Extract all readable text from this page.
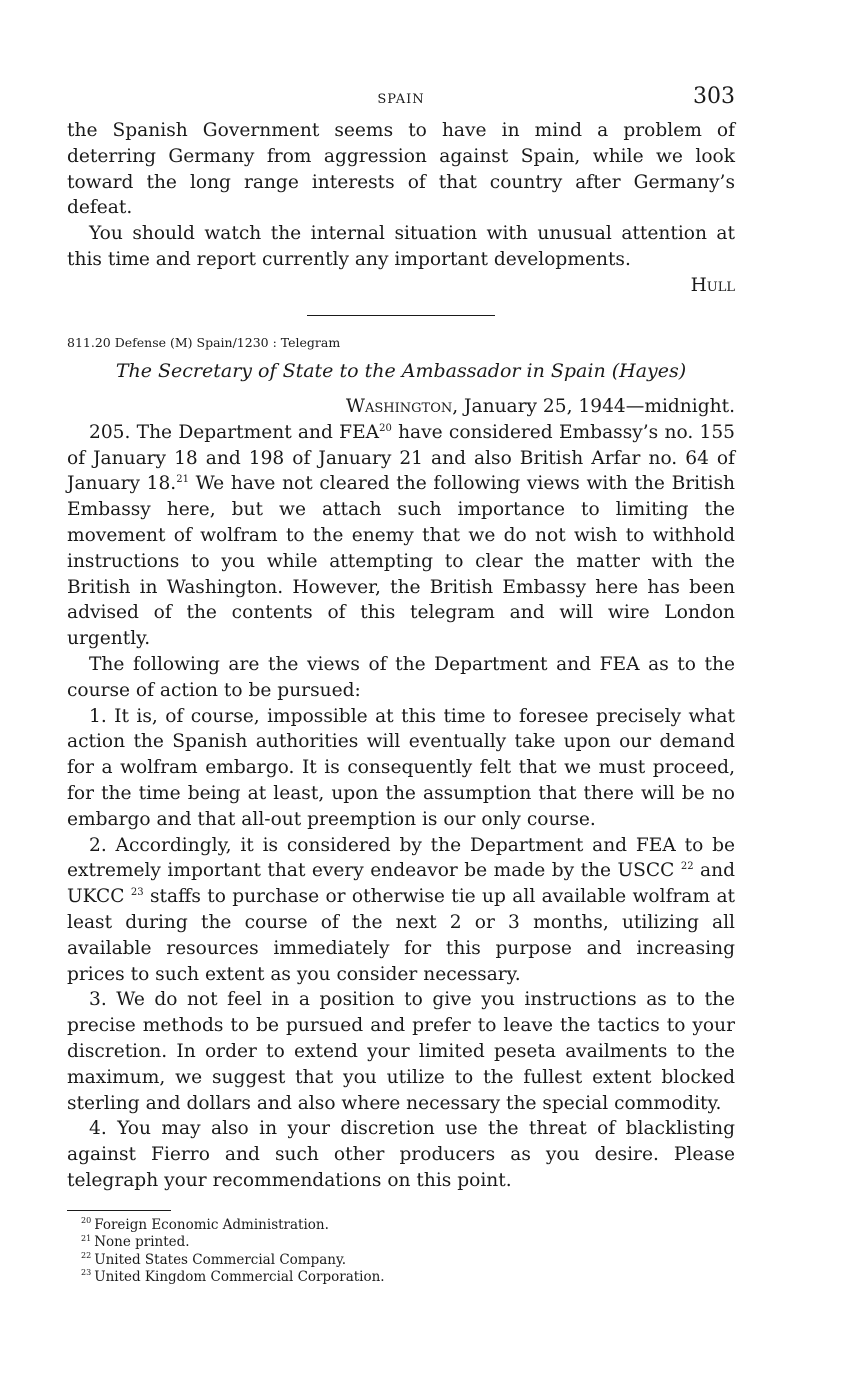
SPAIN	303

the Spanish Government seems to have in mind a problem of deterring Germany from aggression against Spain, while we look toward the long range interests of that country after Germany’s defeat.

You should watch the internal situation with unusual attention at this time and report currently any important developments.

Hull
811.20 Defense (M) Spain/1230 : Telegram
The Secretary of State to the Ambassador in Spain (Hayes)
Washington, January 25, 1944—midnight.

205. The Department and FEA$^{20}$ have considered Embassy’s no. 155 of January 18 and 198 of January 21 and also British Arfar no. 64 of January 18.21 We have not cleared the following views with the British Embassy here, but we attach such importance to limiting the movement of wolfram to the enemy that we do not wish to withhold instructions to you while attempting to clear the matter with the British in Washington. However, the British Embassy here has been advised of the contents of this telegram and will wire London urgently.

The following are the views of the Department and FEA as to the course of action to be pursued:

1. It is, of course, impossible at this time to foresee precisely what action the Spanish authorities will eventually take upon our demand for a wolfram embargo. It is consequently felt that we must proceed, for the time being at least, upon the assumption that there will be no embargo and that all-out preemption is our only course.

2. Accordingly, it is considered by the Department and FEA to be extremely important that every endeavor be made by the USCC $^{22}$ and UKCC $^{23}$ staffs to purchase or otherwise tie up all available wolfram at least during the course of the next 2 or 3 months, utilizing all available resources immediately for this purpose and increasing prices to such extent as you consider necessary.

3. We do not feel in a position to give you instructions as to the precise methods to be pursued and prefer to leave the tactics to your discretion. In order to extend your limited peseta availments to the maximum, we suggest that you utilize to the fullest extent blocked sterling and dollars and also where necessary the special commodity.

4. You may also in your discretion use the threat of blacklisting against Fierro and such other producers as you desire. Please telegraph your recommendations on this point.

$^{20}$ Foreign Economic Administration.
$^{21}$ None printed.
$^{22}$ United States Commercial Company.
$^{23}$ United Kingdom Commercial Corporation.
